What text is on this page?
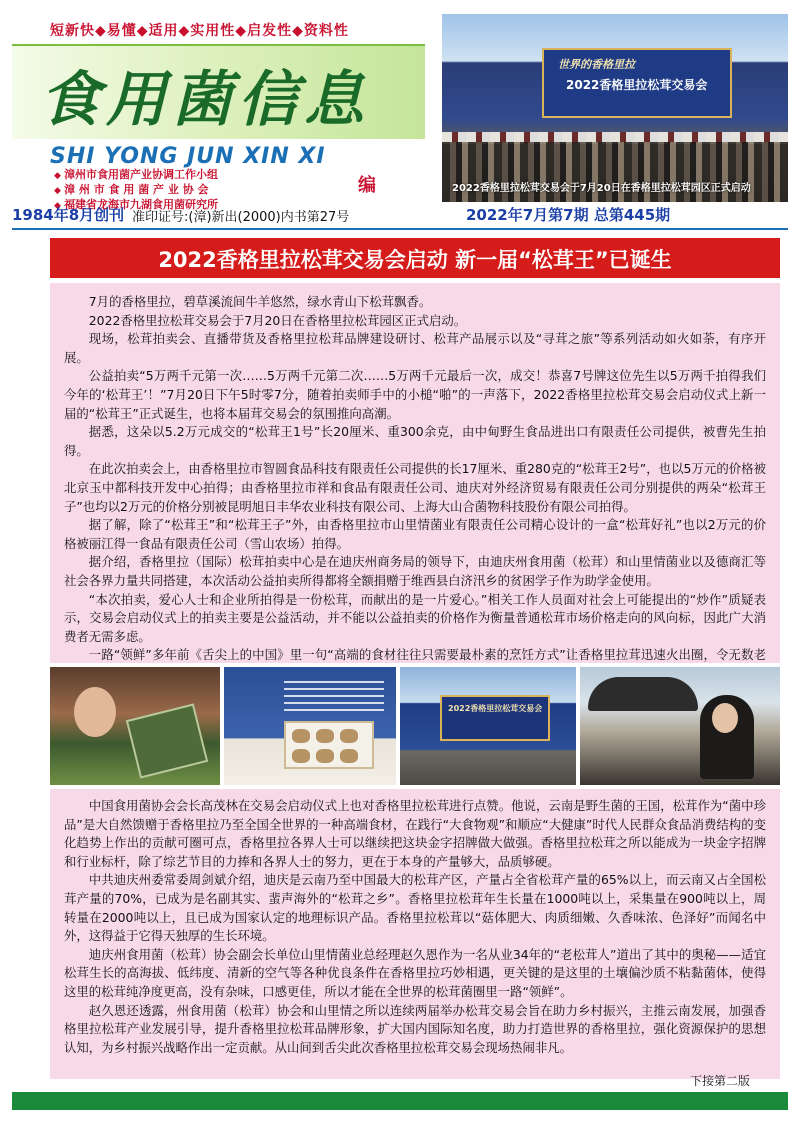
短新快◆易懂◆适用◆实用性◆启发性◆资料性
食用菌信息
SHI YONG JUN XIN XI
◆ 漳州市食用菌产业协调工作小组
◆ 漳 州 市 食 用 菌 产 业 协 会
◆ 福建省龙海市九湖食用菌研究所
编
世界的香格里拉
2022香格里拉松茸交易会
2022香格里拉松茸交易会于7月20日在香格里拉松茸园区正式启动
1984年8月创刊 准印证号:(漳)新出(2000)内书第27号	2022年7月第7期 总第445期
2022香格里拉松茸交易会启动 新一届“松茸王”已诞生

7月的香格里拉，碧草溪流间牛羊悠然，绿水青山下松茸飘香。

2022香格里拉松茸交易会于7月20日在香格里拉松茸园区正式启动。

现场，松茸拍卖会、直播带货及香格里拉松茸品牌建设研讨、松茸产品展示以及“寻茸之旅”等系列活动如火如荼，有序开展。

公益拍卖“5万两千元第一次……5万两千元第二次……5万两千元最后一次，成交！恭喜7号牌这位先生以5万两千拍得我们今年的‘松茸王’！”7月20日下午5时零7分，随着拍卖师手中的小槌“啪”的一声落下，2022香格里拉松茸交易会启动仪式上新一届的“松茸王”正式诞生，也将本届茸交易会的氛围推向高潮。

据悉，这朵以5.2万元成交的“松茸王1号”长20厘米、重300余克，由中甸野生食品进出口有限责任公司提供，被曹先生拍得。

在此次拍卖会上，由香格里拉市智圆食品科技有限责任公司提供的长17厘米、重280克的“松茸王2号”，也以5万元的价格被北京玉中都科技开发中心拍得；由香格里拉市祥和食品有限责任公司、迪庆对外经济贸易有限责任公司分别提供的两朵“松茸王子”也均以2万元的价格分别被昆明旭日丰华农业科技有限公司、上海大山合菌物科技股份有限公司拍得。

据了解，除了“松茸王”和“松茸王子”外，由香格里拉市山里情菌业有限责任公司精心设计的一盒“松茸好礼”也以2万元的价格被丽江得一食品有限责任公司（雪山农场）拍得。

据介绍，香格里拉（国际）松茸拍卖中心是在迪庆州商务局的领导下，由迪庆州食用菌（松茸）和山里情菌业以及德商汇等社会各界力量共同搭建，本次活动公益拍卖所得都将全额捐赠于维西县白济汛乡的贫困学子作为助学金使用。

“本次拍卖，爱心人士和企业所拍得是一份松茸，而献出的是一片爱心。”相关工作人员面对社会上可能提出的“炒作”质疑表示，交易会启动仪式上的拍卖主要是公益活动，并不能以公益拍卖的价格作为衡量普通松茸市场价格走向的风向标，因此广大消费者无需多虑。

一路“领鲜”多年前《舌尖上的中国》里一句“高端的食材往往只需要最朴素的烹饪方式”让香格里拉茸迅速火出圈，令无数老

2022香格里拉松茸交易会

中国食用菌协会会长高茂林在交易会启动仪式上也对香格里拉松茸进行点赞。他说，云南是野生菌的王国，松茸作为“菌中珍品”是大自然馈赠于香格里拉乃至全国全世界的一种高端食材，在践行“大食物观”和顺应“大健康”时代人民群众食品消费结构的变化趋势上作出的贡献可圈可点，香格里拉各界人士可以继续把这块金字招牌做大做强。香格里拉松茸之所以能成为一块金字招牌和行业标杆，除了综艺节目的力捧和各界人士的努力，更在于本身的产量够大，品质够硬。

中共迪庆州委常委周剑斌介绍，迪庆是云南乃至中国最大的松茸产区，产量占全省松茸产量的65%以上，而云南又占全国松茸产量的70%，已成为是名副其实、蜚声海外的“松茸之乡”。香格里拉松茸年生长量在1000吨以上，采集量在900吨以上，周转量在2000吨以上，且已成为国家认定的地理标识产品。香格里拉松茸以“菇体肥大、肉质细嫩、久香味浓、色泽好”而闻名中外，这得益于它得天独厚的生长环境。

迪庆州食用菌（松茸）协会副会长单位山里情菌业总经理赵久恩作为一名从业34年的“老松茸人”道出了其中的奥秘——适宜松茸生长的高海拔、低纬度、清新的空气等各种优良条件在香格里拉巧妙相遇，更关键的是这里的土壤偏沙质不粘黏菌体，使得这里的松茸纯净度更高，没有杂味，口感更佳，所以才能在全世界的松茸菌圈里一路“领鲜”。

赵久恩还透露，州食用菌（松茸）协会和山里情之所以连续两届举办松茸交易会旨在助力乡村振兴，主推云南发展，加强香格里拉松茸产业发展引导，提升香格里拉松茸品牌形象，扩大国内国际知名度，助力打造世界的香格里拉，强化资源保护的思想认知，为乡村振兴战略作出一定贡献。从山间到舌尖此次香格里拉松茸交易会现场热闹非凡。

下接第二版
